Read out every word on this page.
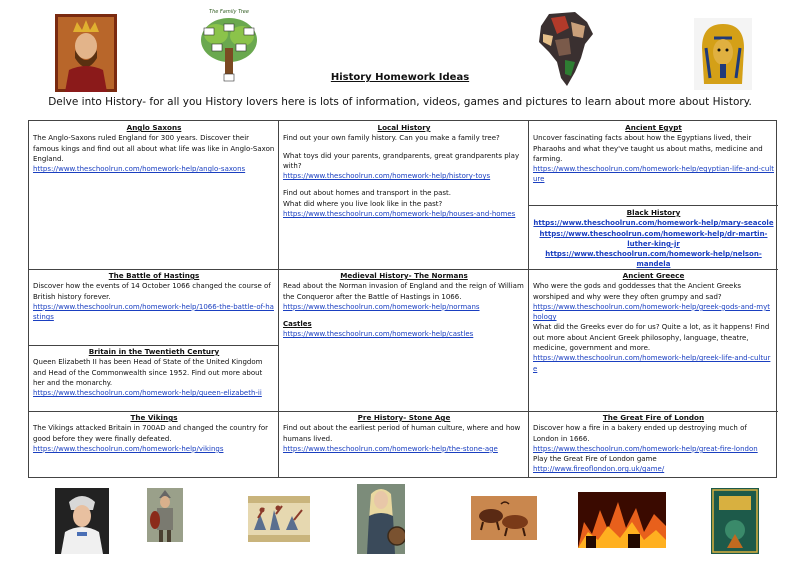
The Family Tree
History Homework Ideas
Delve into History- for all you History lovers here is lots of information, videos, games and pictures to learn about more about History.
Anglo Saxons
The Anglo-Saxons ruled England for 300 years. Discover their famous kings and find out all about what life was like in Anglo-Saxon England.
https://www.theschoolrun.com/homework-help/anglo-saxons
Local History
Find out your own family history. Can you make a family tree?
What toys did your parents, grandparents, great grandparents play with?
https://www.theschoolrun.com/homework-help/history-toys
Find out about homes and transport in the past.
What did where you live look like in the past?
https://www.theschoolrun.com/homework-help/houses-and-homes
Ancient Egypt
Uncover fascinating facts about how the Egyptians lived, their Pharaohs and what they've taught us about maths, medicine and farming.
https://www.theschoolrun.com/homework-help/egyptian-life-and-culture
Black History
https://www.theschoolrun.com/homework-help/mary-seacole
https://www.theschoolrun.com/homework-help/dr-martin-luther-king-jr
https://www.theschoolrun.com/homework-help/nelson-mandela
The Battle of Hastings
Discover how the events of 14 October 1066 changed the course of British history forever.
https://www.theschoolrun.com/homework-help/1066-the-battle-of-hastings
Britain in the Twentieth Century
Queen Elizabeth II has been Head of State of the United Kingdom and Head of the Commonwealth since 1952. Find out more about her and the monarchy.
https://www.theschoolrun.com/homework-help/queen-elizabeth-ii
Medieval History- The Normans
Read about the Norman invasion of England and the reign of William the Conqueror after the Battle of Hastings in 1066.
https://www.theschoolrun.com/homework-help/normans
Castles
https://www.theschoolrun.com/homework-help/castles
Ancient Greece
Who were the gods and goddesses that the Ancient Greeks worshiped and why were they often grumpy and sad?
https://www.theschoolrun.com/homework-help/greek-gods-and-mythology
What did the Greeks ever do for us? Quite a lot, as it happens! Find out more about Ancient Greek philosophy, language, theatre, medicine, government and more.
https://www.theschoolrun.com/homework-help/greek-life-and-culture
The Vikings
The Vikings attacked Britain in 700AD and changed the country for good before they were finally defeated.
https://www.theschoolrun.com/homework-help/vikings
Pre History- Stone Age
Find out about the earliest period of human culture, where and how humans lived.
https://www.theschoolrun.com/homework-help/the-stone-age
The Great Fire of London
Discover how a fire in a bakery ended up destroying much of London in 1666.
https://www.theschoolrun.com/homework-help/great-fire-london
Play the Great Fire of London game
http://www.fireoflondon.org.uk/game/
